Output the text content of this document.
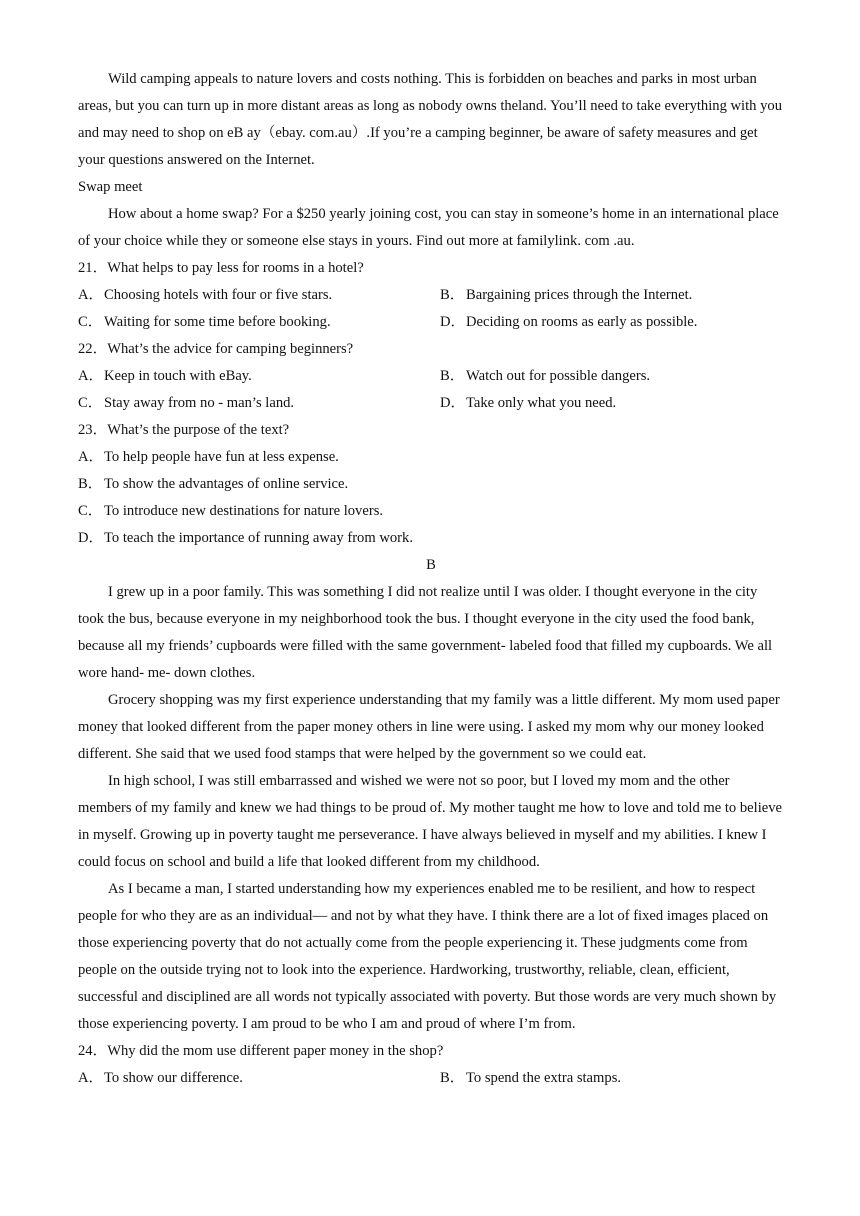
Wild camping appeals to nature lovers and costs nothing. This is forbidden on beaches and parks in most urban areas, but you can turn up in more distant areas as long as nobody owns theland. You’ll need to take everything with you and may need to shop on eB ay（ebay. com.au）.If you’re a camping beginner, be aware of safety measures and get your questions answered on the Internet.

Swap meet

How about a home swap? For a $250 yearly joining cost, you can stay in someone’s home in an international place of your choice while they or someone else stays in yours. Find out more at familylink. com .au.

21．What helps to pay less for rooms in a hotel?

A． Choosing hotels with four or five stars.	B． Bargaining prices through the Internet.
C． Waiting for some time before booking.	D． Deciding on rooms as early as possible.

22．What’s the advice for camping beginners?

A． Keep in touch with eBay.	B． Watch out for possible dangers.
C． Stay away from no - man’s land.	D． Take only what you need.

23．What’s the purpose of the text?

A． To help people have fun at less expense.
B． To show the advantages of online service.
C． To introduce new destinations for nature lovers.
D． To teach the importance of running away from work.

B

I grew up in a poor family. This was something I did not realize until I was older. I thought everyone in the city took the bus, because everyone in my neighborhood took the bus. I thought everyone in the city used the food bank, because all my friends’ cupboards were filled with the same government- labeled food that filled my cupboards. We all wore hand- me- down clothes.

Grocery shopping was my first experience understanding that my family was a little different. My mom used paper money that looked different from the paper money others in line were using. I asked my mom why our money looked different. She said that we used food stamps that were helped by the government so we could eat.

In high school, I was still embarrassed and wished we were not so poor, but I loved my mom and the other members of my family and knew we had things to be proud of. My mother taught me how to love and told me to believe in myself. Growing up in poverty taught me perseverance. I have always believed in myself and my abilities. I knew I could focus on school and build a life that looked different from my childhood.

As I became a man, I started understanding how my experiences enabled me to be resilient, and how to respect people for who they are as an individual— and not by what they have. I think there are a lot of fixed images placed on those experiencing poverty that do not actually come from the people experiencing it. These judgments come from people on the outside trying not to look into the experience. Hardworking, trustworthy, reliable, clean, efficient, successful and disciplined are all words not typically associated with poverty. But those words are very much shown by those experiencing poverty. I am proud to be who I am and proud of where I’m from.

24．Why did the mom use different paper money in the shop?

A． To show our difference.	B． To spend the extra stamps.
